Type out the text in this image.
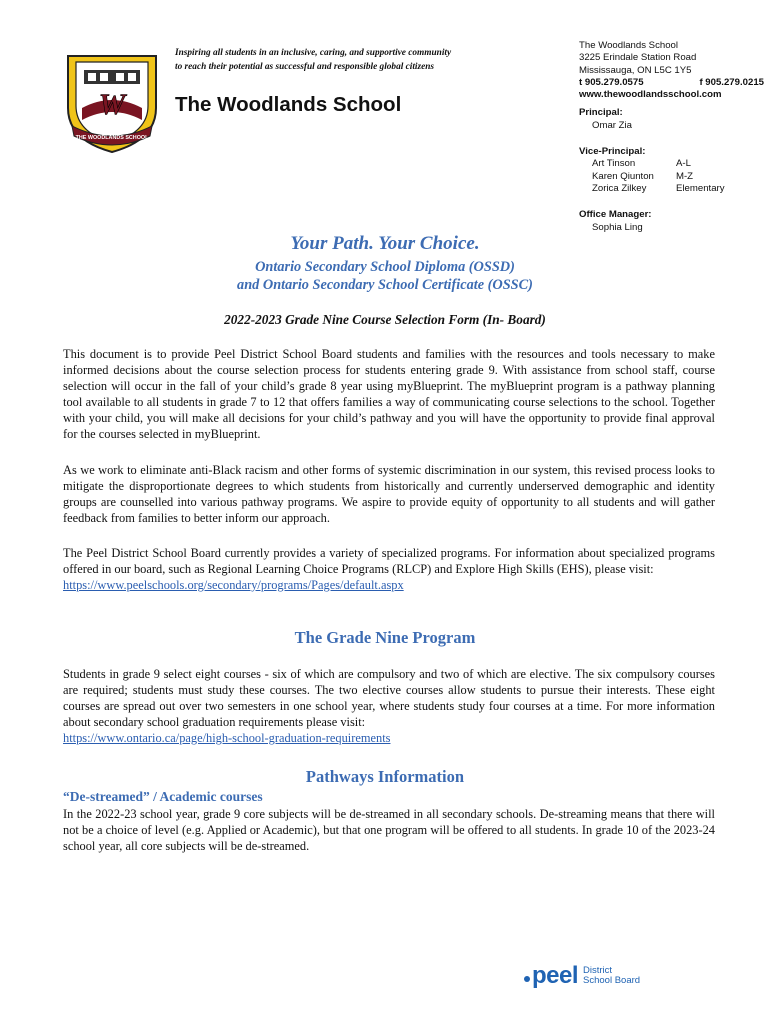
W
THE WOODLANDS SCHOOL
Inspiring all students in an inclusive, caring, and supportive community
to reach their potential as successful and responsible global citizens
The Woodlands School
The Woodlands School
3225 Erindale Station Road
Mississauga, ON L5C 1Y5
t 905.279.0575	f 905.279.0215
www.thewoodlandsschool.com
Principal:
Omar Zia
Vice-Principal:
Art Tinson	A-L
Karen Qiunton	M-Z
Zorica Zilkey	Elementary
Office Manager:
Sophia Ling
Your Path. Your Choice.
Ontario Secondary School Diploma (OSSD)
and Ontario Secondary School Certificate (OSSC)
2022-2023 Grade Nine Course Selection Form (In- Board)

This document is to provide Peel District School Board students and families with the resources and tools necessary to make informed decisions about the course selection process for students entering grade 9. With assistance from school staff, course selection will occur in the fall of your child’s grade 8 year using myBlueprint. The myBlueprint program is a pathway planning tool available to all students in grade 7 to 12 that offers families a way of communicating course selections to the school. Together with your child, you will make all decisions for your child’s pathway and you will have the opportunity to provide final approval for the courses selected in myBlueprint.

As we work to eliminate anti-Black racism and other forms of systemic discrimination in our system, this revised process looks to mitigate the disproportionate degrees to which students from historically and currently underserved demographic and identity groups are counselled into various pathway programs. We aspire to provide equity of opportunity to all students and will gather feedback from families to better inform our approach.

The Peel District School Board currently provides a variety of specialized programs. For information about specialized programs offered in our board, such as Regional Learning Choice Programs (RLCP) and Explore High Skills (EHS), please visit:
https://www.peelschools.org/secondary/programs/Pages/default.aspx
The Grade Nine Program
Students in grade 9 select eight courses - six of which are compulsory and two of which are elective. The six compulsory courses are required; students must study these courses. The two elective courses allow students to pursue their interests. These eight courses are spread out over two semesters in one school year, where students study four courses at a time. For more information about secondary school graduation requirements please visit:
https://www.ontario.ca/page/high-school-graduation-requirements
Pathways Information
“De-streamed” / Academic courses

In the 2022-23 school year, grade 9 core subjects will be de-streamed in all secondary schools. De-streaming means that there will not be a choice of level (e.g. Applied or Academic), but that one program will be offered to all students. In grade 10 of the 2023-24 school year, all core subjects will be de-streamed.

peel District
School Board
